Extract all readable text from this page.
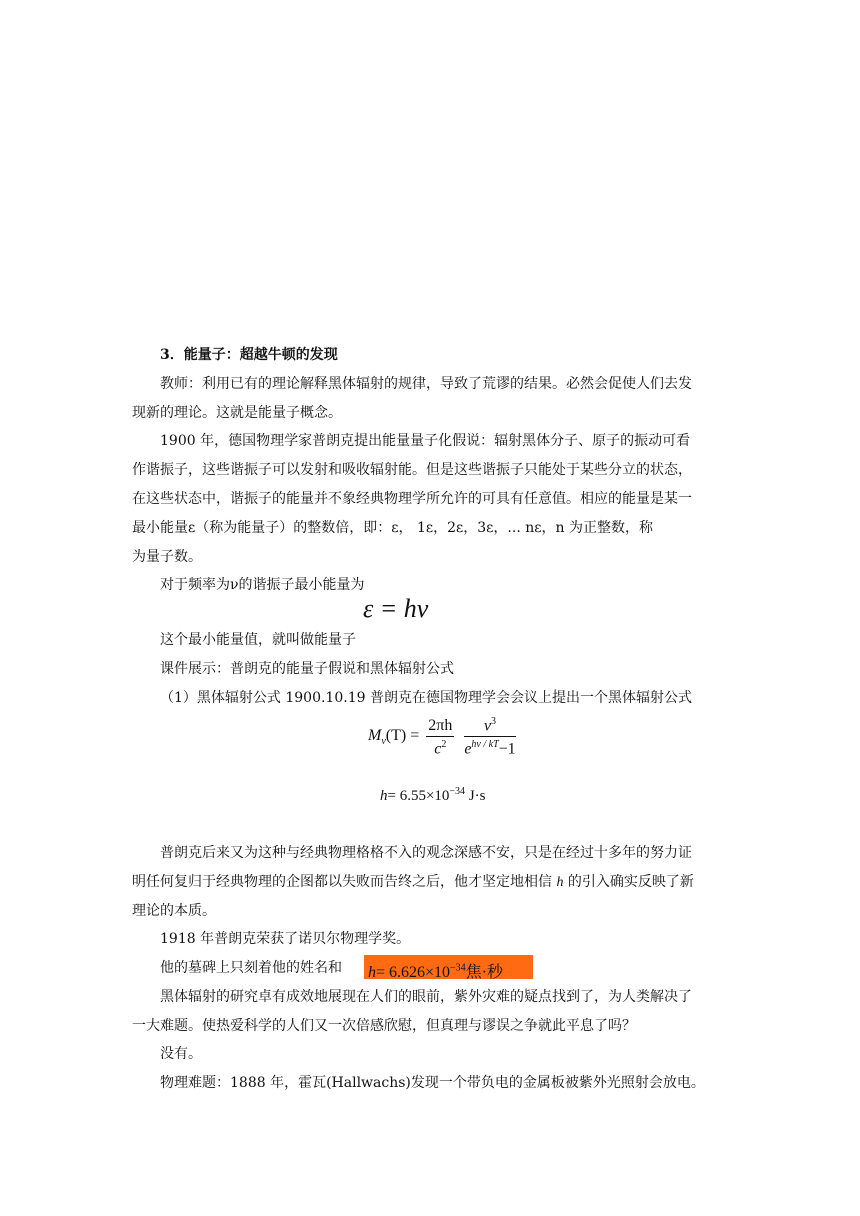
3．能量子：超越牛顿的发现
教师：利用已有的理论解释黑体辐射的规律，导致了荒谬的结果。必然会促使人们去发
现新的理论。这就是能量子概念。
1900 年，德国物理学家普朗克提出能量量子化假说：辐射黑体分子、原子的振动可看
作谐振子，这些谐振子可以发射和吸收辐射能。但是这些谐振子只能处于某些分立的状态，
在这些状态中，谐振子的能量并不象经典物理学所允许的可具有任意值。相应的能量是某一
最小能量ε（称为能量子）的整数倍，即：ε， 1ε，2ε，3ε，... nε，n 为正整数，称
为量子数。
对于频率为ν的谐振子最小能量为
ε = hν
这个最小能量值，就叫做能量子
课件展示：普朗克的能量子假说和黑体辐射公式
（1）黑体辐射公式 1900.10.19 普朗克在德国物理学会会议上提出一个黑体辐射公式
$M_\nu(T) = \frac{2\pi h}{c^2}$
$\frac{\nu^3}{e^{h\nu / kT}-1}$
$h= 6.55\times 10^{-34}$ J·s
普朗克后来又为这种与经典物理格格不入的观念深感不安，只是在经过十多年的努力证
明任何复归于经典物理的企图都以失败而告终之后，他才坚定地相信 h 的引入确实反映了新
理论的本质。
1918 年普朗克荣获了诺贝尔物理学奖。
他的墓碑上只刻着他的姓名和 $h= 6.626\times 10^{-34}$焦·秒
黑体辐射的研究卓有成效地展现在人们的眼前，紫外灾难的疑点找到了，为人类解决了
一大难题。使热爱科学的人们又一次倍感欣慰，但真理与谬误之争就此平息了吗？
没有。
物理难题：1888 年，霍瓦(Hallwachs)发现一个带负电的金属板被紫外光照射会放电。
